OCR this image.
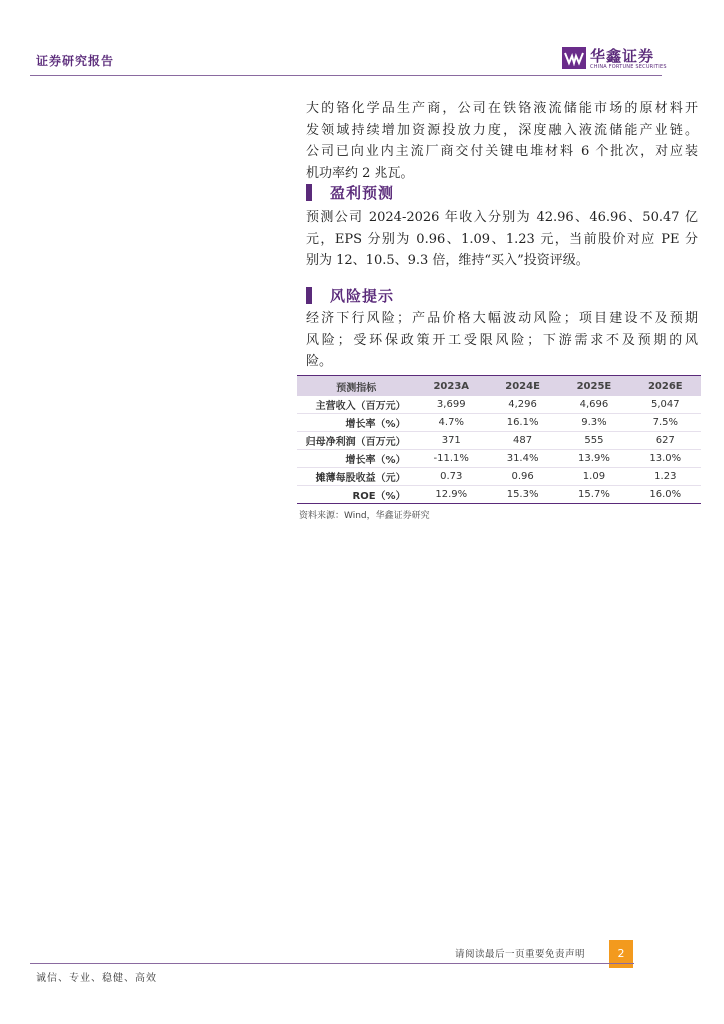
证券研究报告	华鑫证券
CHINA FORTUNE SECURITIES
大的铬化学品生产商，公司在铁铬液流储能市场的原材料开
发领域持续增加资源投放力度，深度融入液流储能产业链。
公司已向业内主流厂商交付关键电堆材料 6 个批次，对应装
机功率约 2 兆瓦。
盈利预测
预测公司 2024-2026 年收入分别为 42.96、46.96、50.47 亿
元，EPS 分别为 0.96、1.09、1.23 元，当前股价对应 PE 分
别为 12、10.5、9.3 倍，维持“买入”投资评级。
风险提示
经济下行风险；产品价格大幅波动风险；项目建设不及预期
风险；受环保政策开工受限风险；下游需求不及预期的风
险。
预测指标	2023A	2024E	2025E	2026E
主营收入（百万元）	3,699	4,296	4,696	5,047
增长率（%）	4.7%	16.1%	9.3%	7.5%
归母净利润（百万元）	371	487	555	627
增长率（%）	-11.1%	31.4%	13.9%	13.0%
摊薄每股收益（元）	0.73	0.96	1.09	1.23
ROE（%）	12.9%	15.3%	15.7%	16.0%
资料来源：Wind，华鑫证券研究
请阅读最后一页重要免责声明	2
诚信、专业、稳健、高效
